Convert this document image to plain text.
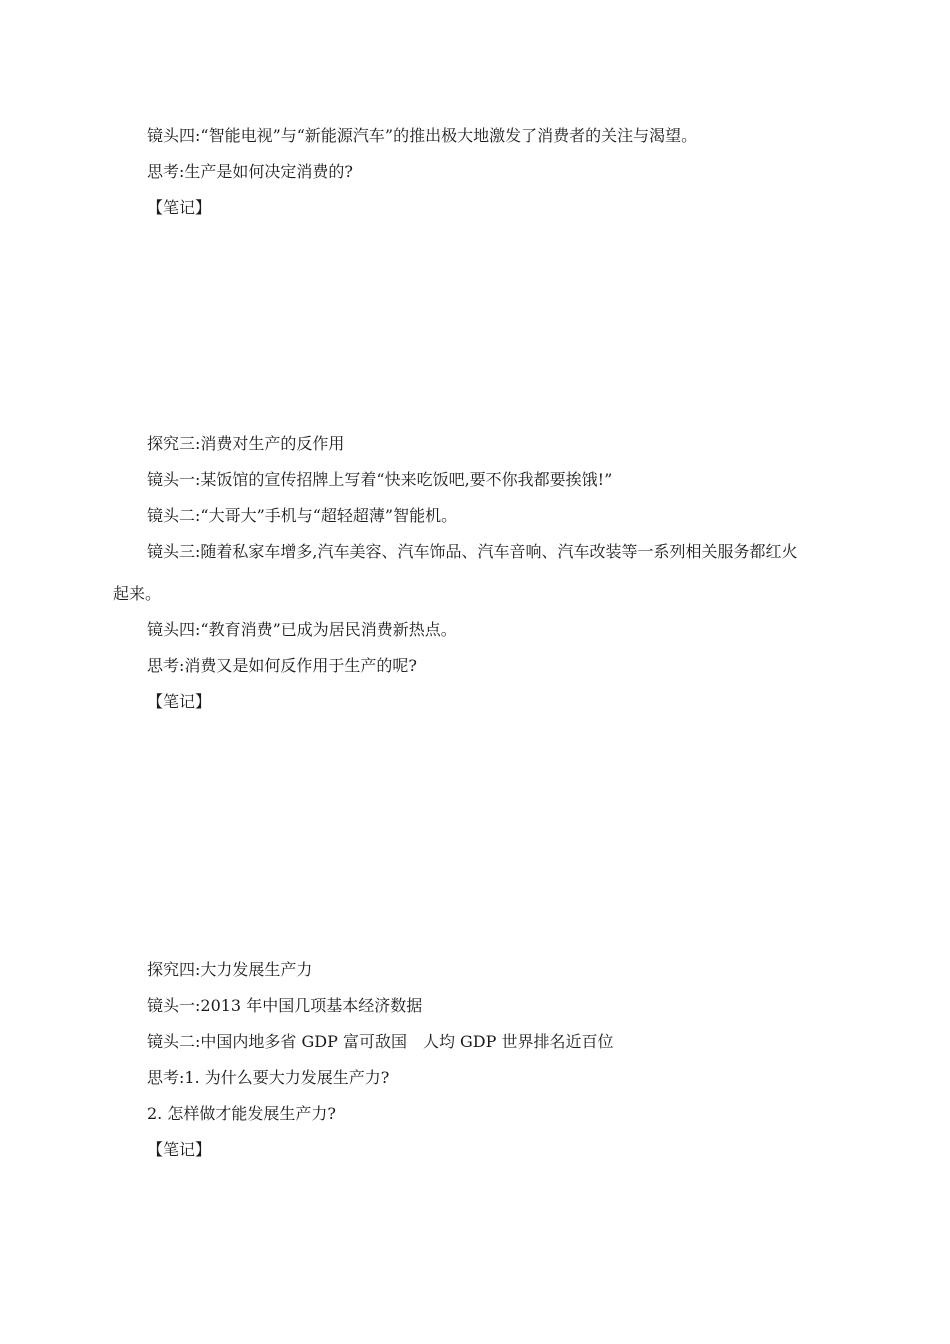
镜头四:“智能电视”与“新能源汽车”的推出极大地激发了消费者的关注与渴望。
思考:生产是如何决定消费的?
【笔记】
探究三:消费对生产的反作用
镜头一:某饭馆的宣传招牌上写着“快来吃饭吧,要不你我都要挨饿!”
镜头二:“大哥大”手机与“超轻超薄”智能机。
镜头三:随着私家车增多,汽车美容、汽车饰品、汽车音响、汽车改装等一系列相关服务都红火
起来。
镜头四:“教育消费”已成为居民消费新热点。
思考:消费又是如何反作用于生产的呢?
【笔记】
探究四:大力发展生产力
镜头一:2013 年中国几项基本经济数据
镜头二:中国内地多省 GDP 富可敌国　人均 GDP 世界排名近百位
思考:1. 为什么要大力发展生产力?
2. 怎样做才能发展生产力?
【笔记】
